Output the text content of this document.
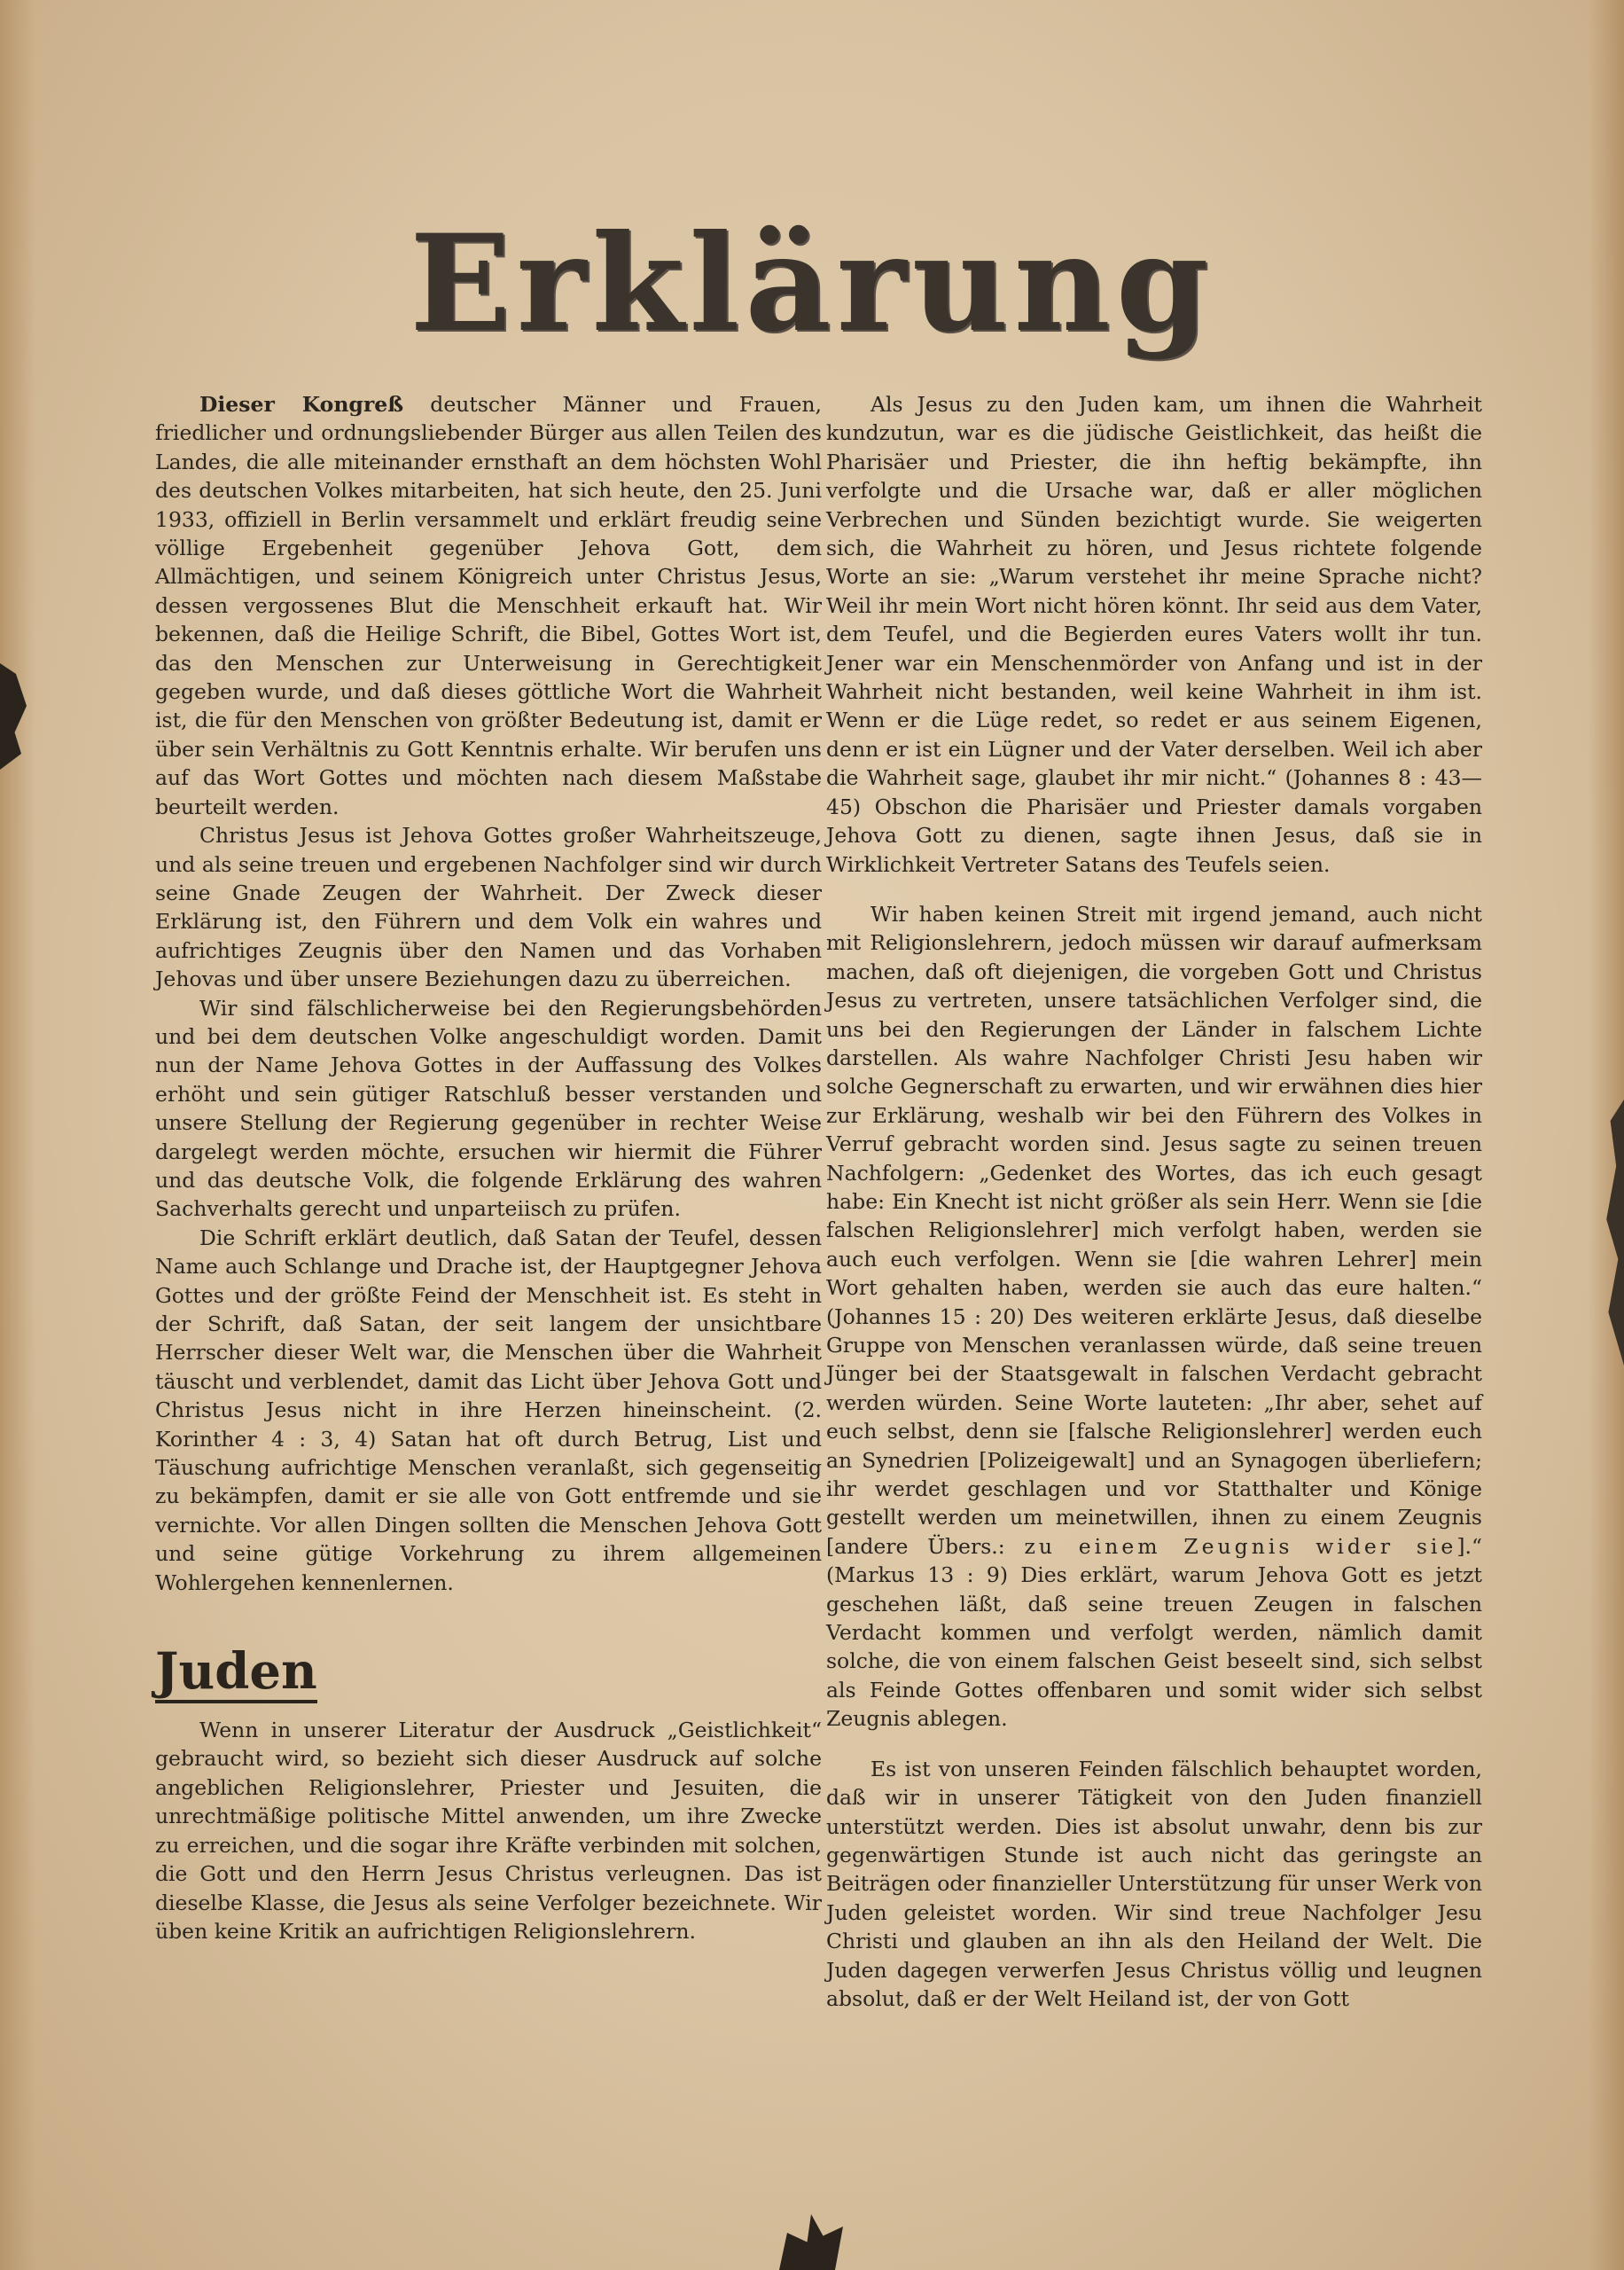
Erklärung

Dieser Kongreß deutscher Männer und Frauen, friedlicher und ordnungsliebender Bürger aus allen Teilen des Landes, die alle miteinander ernsthaft an dem höchsten Wohl des deutschen Volkes mitarbeiten, hat sich heute, den 25. Juni 1933, offiziell in Berlin versammelt und erklärt freudig seine völlige Ergebenheit gegenüber Jehova Gott, dem Allmächtigen, und seinem Königreich unter Christus Jesus, dessen vergossenes Blut die Menschheit erkauft hat. Wir bekennen, daß die Heilige Schrift, die Bibel, Gottes Wort ist, das den Menschen zur Unterweisung in Gerechtigkeit gegeben wurde, und daß dieses göttliche Wort die Wahrheit ist, die für den Menschen von größter Bedeutung ist, damit er über sein Verhältnis zu Gott Kenntnis erhalte. Wir berufen uns auf das Wort Gottes und möchten nach diesem Maßstabe beurteilt werden.

Christus Jesus ist Jehova Gottes großer Wahrheitszeuge, und als seine treuen und ergebenen Nachfolger sind wir durch seine Gnade Zeugen der Wahrheit. Der Zweck dieser Erklärung ist, den Führern und dem Volk ein wahres und aufrichtiges Zeugnis über den Namen und das Vorhaben Jehovas und über unsere Beziehungen dazu zu überreichen.

Wir sind fälschlicherweise bei den Regierungsbehörden und bei dem deutschen Volke angeschuldigt worden. Damit nun der Name Jehova Gottes in der Auffassung des Volkes erhöht und sein gütiger Ratschluß besser verstanden und unsere Stellung der Regierung gegenüber in rechter Weise dargelegt werden möchte, ersuchen wir hiermit die Führer und das deutsche Volk, die folgende Erklärung des wahren Sachverhalts gerecht und unparteiisch zu prüfen.

Die Schrift erklärt deutlich, daß Satan der Teufel, dessen Name auch Schlange und Drache ist, der Hauptgegner Jehova Gottes und der größte Feind der Menschheit ist. Es steht in der Schrift, daß Satan, der seit langem der unsichtbare Herrscher dieser Welt war, die Menschen über die Wahrheit täuscht und verblendet, damit das Licht über Jehova Gott und Christus Jesus nicht in ihre Herzen hineinscheint. (2. Korinther 4 : 3, 4) Satan hat oft durch Betrug, List und Täuschung aufrichtige Menschen veranlaßt, sich gegenseitig zu bekämpfen, damit er sie alle von Gott entfremde und sie vernichte. Vor allen Dingen sollten die Menschen Jehova Gott und seine gütige Vorkehrung zu ihrem allgemeinen Wohlergehen kennenlernen.

Juden

Wenn in unserer Literatur der Ausdruck „Geistlichkeit“ gebraucht wird, so bezieht sich dieser Ausdruck auf solche angeblichen Religionslehrer, Priester und Jesuiten, die unrechtmäßige politische Mittel anwenden, um ihre Zwecke zu erreichen, und die sogar ihre Kräfte verbinden mit solchen, die Gott und den Herrn Jesus Christus verleugnen. Das ist dieselbe Klasse, die Jesus als seine Verfolger bezeichnete. Wir üben keine Kritik an aufrichtigen Religionslehrern.

Als Jesus zu den Juden kam, um ihnen die Wahrheit kundzutun, war es die jüdische Geistlichkeit, das heißt die Pharisäer und Priester, die ihn heftig bekämpfte, ihn verfolgte und die Ursache war, daß er aller möglichen Verbrechen und Sünden bezichtigt wurde. Sie weigerten sich, die Wahrheit zu hören, und Jesus richtete folgende Worte an sie: „Warum verstehet ihr meine Sprache nicht? Weil ihr mein Wort nicht hören könnt. Ihr seid aus dem Vater, dem Teufel, und die Begierden eures Vaters wollt ihr tun. Jener war ein Menschenmörder von Anfang und ist in der Wahrheit nicht bestanden, weil keine Wahrheit in ihm ist. Wenn er die Lüge redet, so redet er aus seinem Eigenen, denn er ist ein Lügner und der Vater derselben. Weil ich aber die Wahrheit sage, glaubet ihr mir nicht.“ (Johannes 8 : 43—45) Obschon die Pharisäer und Priester damals vorgaben Jehova Gott zu dienen, sagte ihnen Jesus, daß sie in Wirklichkeit Vertreter Satans des Teufels seien.

Wir haben keinen Streit mit irgend jemand, auch nicht mit Religionslehrern, jedoch müssen wir darauf aufmerksam machen, daß oft diejenigen, die vorgeben Gott und Christus Jesus zu vertreten, unsere tatsächlichen Verfolger sind, die uns bei den Regierungen der Länder in falschem Lichte darstellen. Als wahre Nachfolger Christi Jesu haben wir solche Gegnerschaft zu erwarten, und wir erwähnen dies hier zur Erklärung, weshalb wir bei den Führern des Volkes in Verruf gebracht worden sind. Jesus sagte zu seinen treuen Nachfolgern: „Gedenket des Wortes, das ich euch gesagt habe: Ein Knecht ist nicht größer als sein Herr. Wenn sie [die falschen Religionslehrer] mich verfolgt haben, werden sie auch euch verfolgen. Wenn sie [die wahren Lehrer] mein Wort gehalten haben, werden sie auch das eure halten.“ (Johannes 15 : 20) Des weiteren erklärte Jesus, daß dieselbe Gruppe von Menschen veranlassen würde, daß seine treuen Jünger bei der Staatsgewalt in falschen Verdacht gebracht werden würden. Seine Worte lauteten: „Ihr aber, sehet auf euch selbst, denn sie [falsche Religionslehrer] werden euch an Synedrien [Polizeigewalt] und an Synagogen überliefern; ihr werdet geschlagen und vor Statthalter und Könige gestellt werden um meinetwillen, ihnen zu einem Zeugnis [andere Übers.: zu einem Zeugnis wider sie].“ (Markus 13 : 9) Dies erklärt, warum Jehova Gott es jetzt geschehen läßt, daß seine treuen Zeugen in falschen Verdacht kommen und verfolgt werden, nämlich damit solche, die von einem falschen Geist beseelt sind, sich selbst als Feinde Gottes offenbaren und somit wider sich selbst Zeugnis ablegen.

Es ist von unseren Feinden fälschlich behauptet worden, daß wir in unserer Tätigkeit von den Juden finanziell unterstützt werden. Dies ist absolut unwahr, denn bis zur gegenwärtigen Stunde ist auch nicht das geringste an Beiträgen oder finanzieller Unterstützung für unser Werk von Juden geleistet worden. Wir sind treue Nachfolger Jesu Christi und glauben an ihn als den Heiland der Welt. Die Juden dagegen verwerfen Jesus Christus völlig und leugnen absolut, daß er der Welt Heiland ist, der von Gott
